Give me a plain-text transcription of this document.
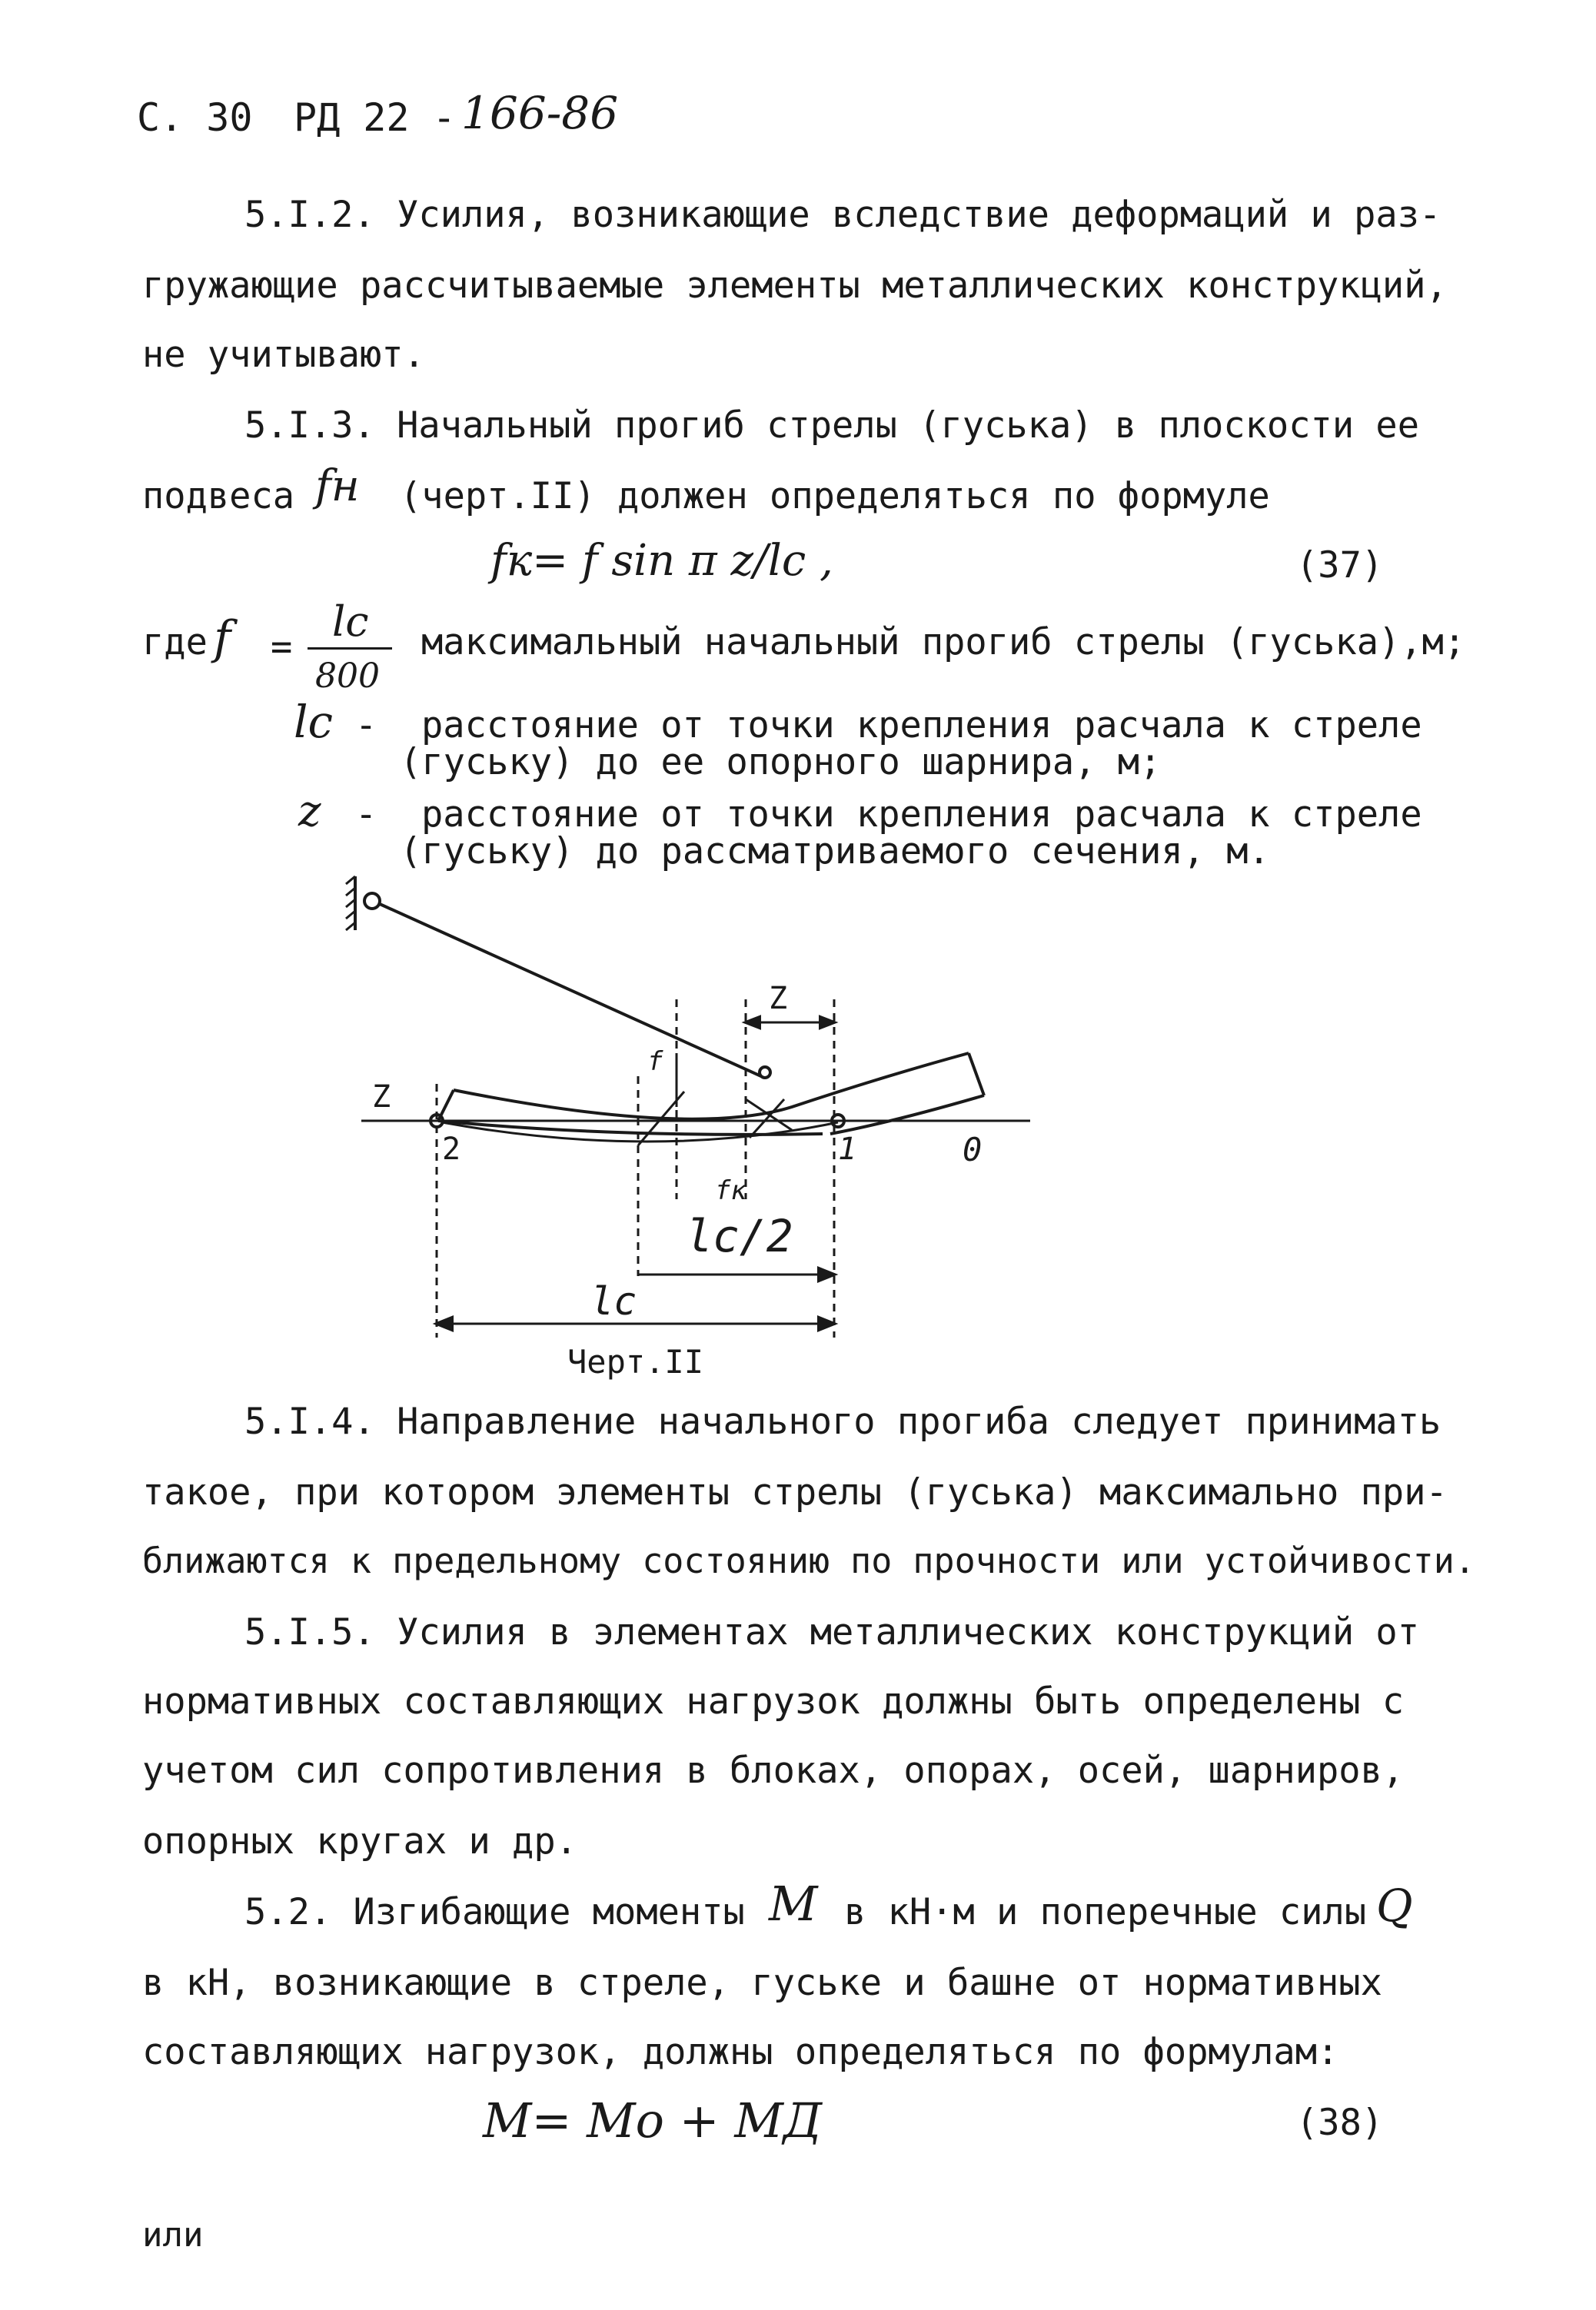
С. 30 РД 22 - 166-86
5.I.2. Усилия, возникающие вследствие деформаций и раз-
гружающие рассчитываемые элементы металлических конструкций,
не учитывают.
5.I.3. Начальный прогиб стрелы (гуська) в плоскости ее
подвеса fн (черт.II) должен определяться по формуле
fк= f sin π z/lc ,	(37)
где f =
lc
800
максимальный начальный прогиб стрелы (гуська),м;
lc - расстояние от точки крепления расчала к стреле
(гуську) до ее опорного шарнира, м;
z - расстояние от точки крепления расчала к стреле
(гуську) до рассматриваемого сечения, м.
Z
Z
2	1	0
f
fк
lc/2
lc
Черт.II
5.I.4. Направление начального прогиба следует принимать
такое, при котором элементы стрелы (гуська) максимально при-
ближаются к предельному состоянию по прочности или устойчивости.
5.I.5. Усилия в элементах металлических конструкций от
нормативных составляющих нагрузок должны быть определены с
учетом сил сопротивления в блоках, опорах, осей, шарниров,
опорных кругах и др.
5.2. Изгибающие моменты M в кН·м и поперечные силы Q
в кН, возникающие в стреле, гуське и башне от нормативных
составляющих нагрузок, должны определяться по формулам:
M= Mo + MД	(38)
или
